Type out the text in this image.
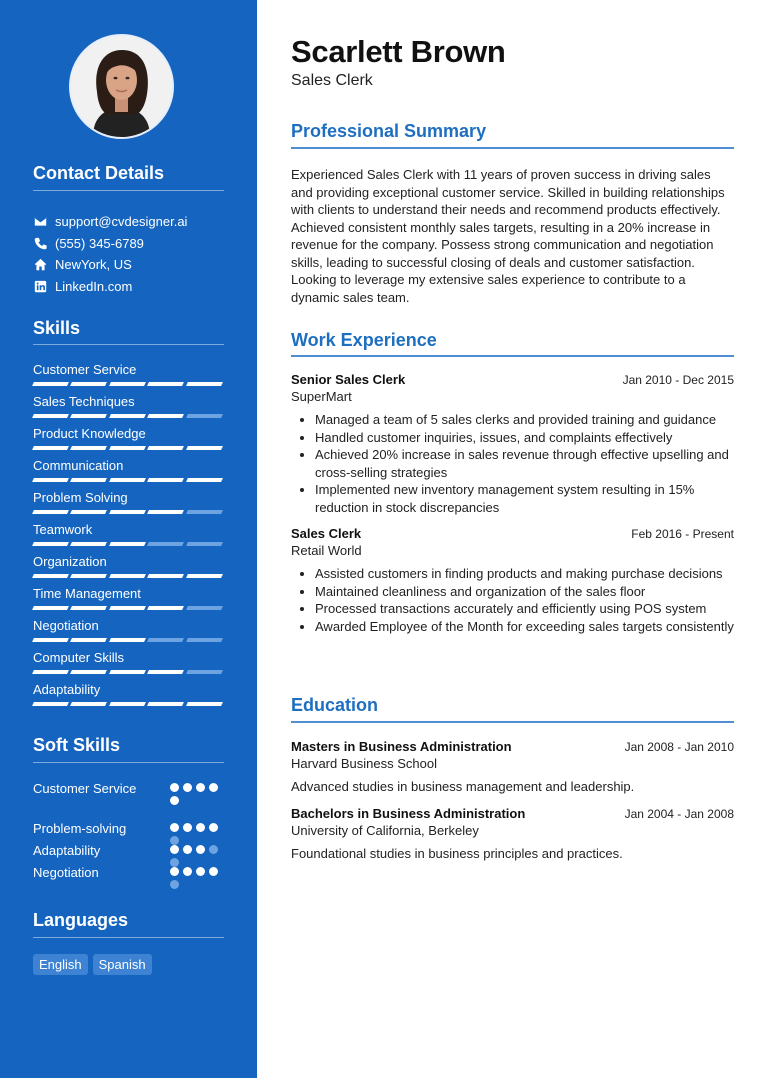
Contact Details
support@cvdesigner.ai
(555) 345-6789
NewYork, US
LinkedIn.com
Skills
Customer Service
Sales Techniques
Product Knowledge
Communication
Problem Solving
Teamwork
Organization
Time Management
Negotiation
Computer Skills
Adaptability
Soft Skills
Customer Service
Problem-solving
Adaptability
Negotiation
Languages
English	Spanish
Scarlett Brown
Sales Clerk
Professional Summary
Experienced Sales Clerk with 11 years of proven success in driving sales and providing exceptional customer service. Skilled in building relationships with clients to understand their needs and recommend products effectively. Achieved consistent monthly sales targets, resulting in a 20% increase in revenue for the company. Possess strong communication and negotiation skills, leading to successful closing of deals and customer satisfaction. Looking to leverage my extensive sales experience to contribute to a dynamic sales team.
Work Experience
Senior Sales Clerk	Jan 2010 - Dec 2015
SuperMart
• Managed a team of 5 sales clerks and provided training and guidance
• Handled customer inquiries, issues, and complaints effectively
• Achieved 20% increase in sales revenue through effective upselling and cross-selling strategies
• Implemented new inventory management system resulting in 15% reduction in stock discrepancies
Sales Clerk	Feb 2016 - Present
Retail World
• Assisted customers in finding products and making purchase decisions
• Maintained cleanliness and organization of the sales floor
• Processed transactions accurately and efficiently using POS system
• Awarded Employee of the Month for exceeding sales targets consistently
Education
Masters in Business Administration	Jan 2008 - Jan 2010
Harvard Business School
Advanced studies in business management and leadership.
Bachelors in Business Administration	Jan 2004 - Jan 2008
University of California, Berkeley
Foundational studies in business principles and practices.
